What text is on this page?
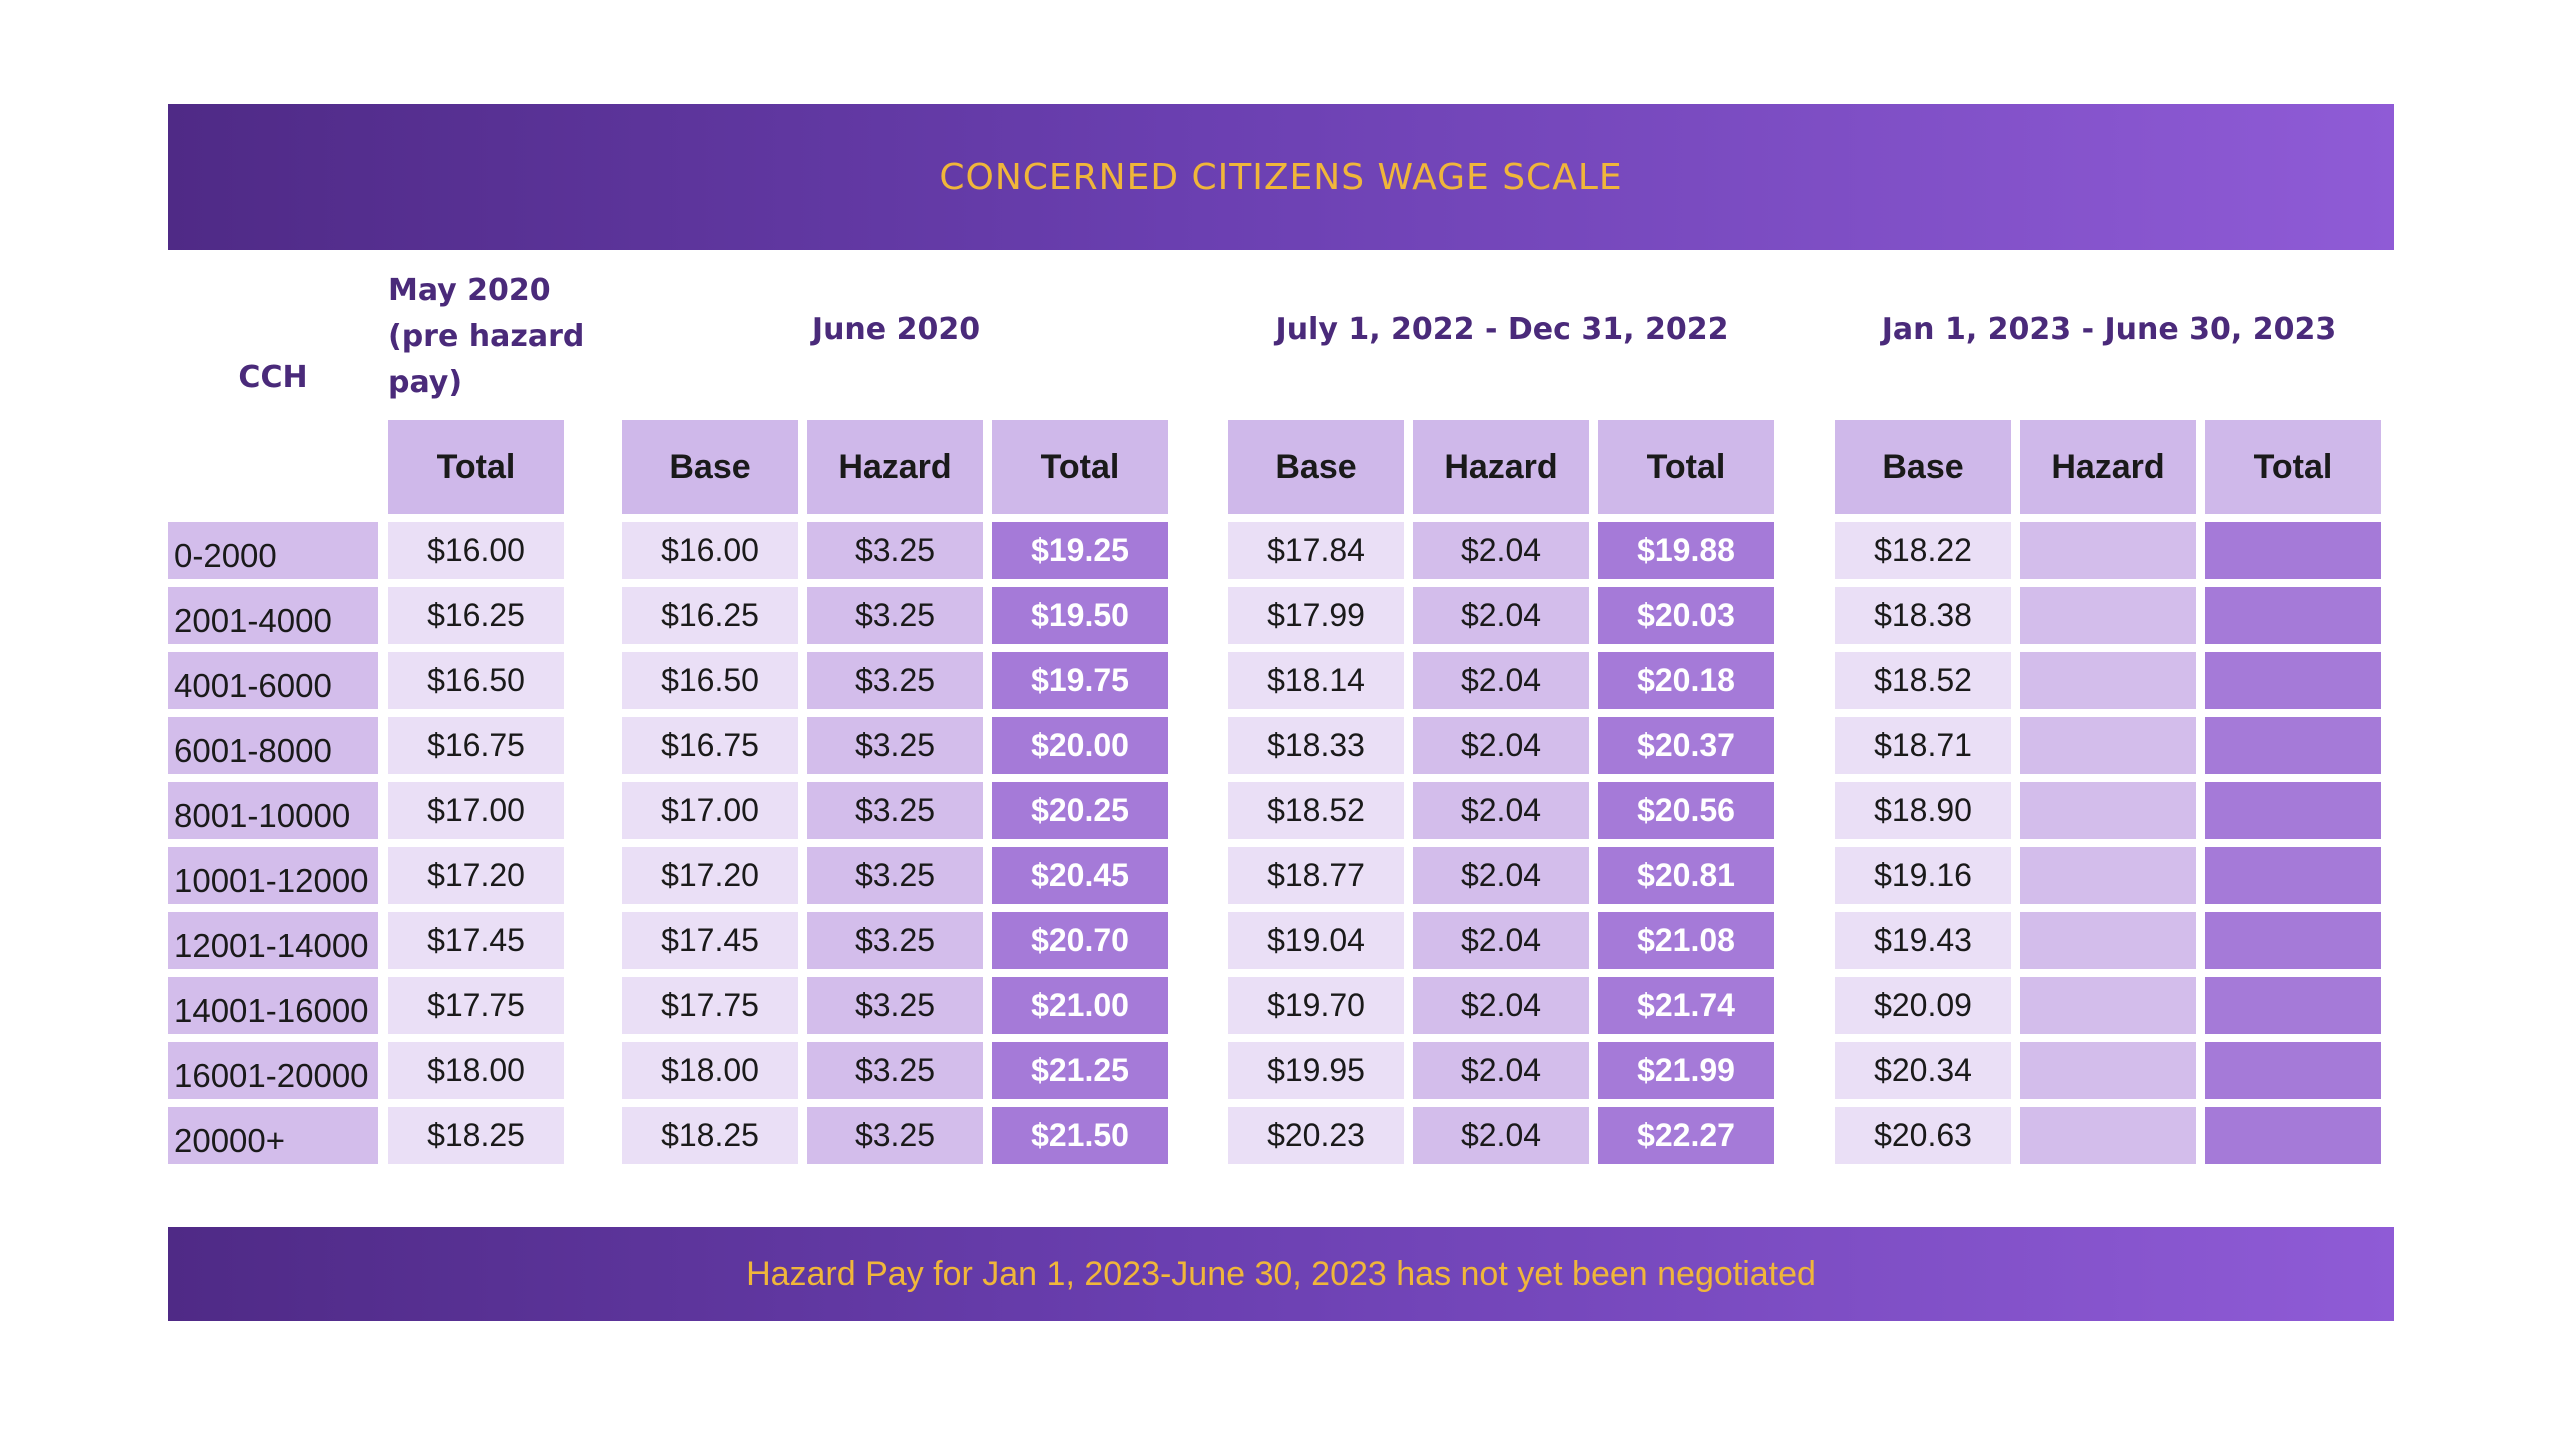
CONCERNED CITIZENS WAGE SCALE
CCH
May 2020 (pre hazard pay)
June 2020	July 1, 2022 - Dec 31, 2022	Jan 1, 2023 - June 30, 2023
Total	Base	Hazard	Total	Base	Hazard	Total	Base	Hazard	Total
0-2000	$16.00	$16.00	$3.25	$19.25	$17.84	$2.04	$19.88	$18.22
2001-4000	$16.25	$16.25	$3.25	$19.50	$17.99	$2.04	$20.03	$18.38
4001-6000	$16.50	$16.50	$3.25	$19.75	$18.14	$2.04	$20.18	$18.52
6001-8000	$16.75	$16.75	$3.25	$20.00	$18.33	$2.04	$20.37	$18.71
8001-10000	$17.00	$17.00	$3.25	$20.25	$18.52	$2.04	$20.56	$18.90
10001-12000	$17.20	$17.20	$3.25	$20.45	$18.77	$2.04	$20.81	$19.16
12001-14000	$17.45	$17.45	$3.25	$20.70	$19.04	$2.04	$21.08	$19.43
14001-16000	$17.75	$17.75	$3.25	$21.00	$19.70	$2.04	$21.74	$20.09
16001-20000	$18.00	$18.00	$3.25	$21.25	$19.95	$2.04	$21.99	$20.34
20000+	$18.25	$18.25	$3.25	$21.50	$20.23	$2.04	$22.27	$20.63
Hazard Pay for Jan 1, 2023-June 30, 2023 has not yet been negotiated
